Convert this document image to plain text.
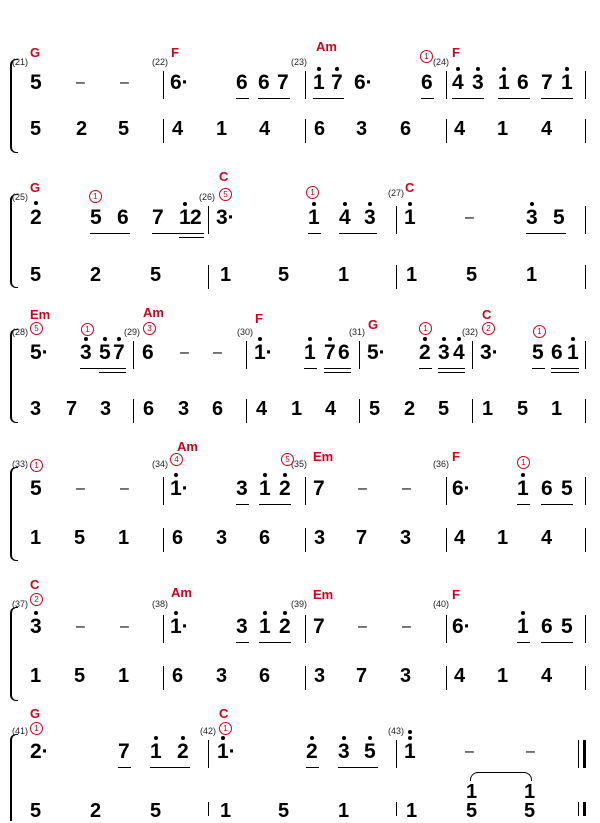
(21)	(22)	(23)	(24)
G	F	Am	F
1
5 – – 6· 6 6 7 1 7 6· 6 4 3 1 6 7 1
5 2 5 4 1 4 6 3 6 4 1 4
(25)	(26)	(27)
G
C
C
1	5	1
2 5 6 7 1 2 3·	1 4 3 1	– 3 5
5 2 5	1 5 1	1 5 1
(28)	(29)	(30)	(31)	(32)
Em	Am	F	G
C
5	1	3	1	2	1
5· 3 5 7 6 – – 1· 1 7 6 5· 2 3 4 3· 5 6 1
3 7 3 6 3 6 4 1 4 5 2 5 1 5 1
(33)	(34)	(35)	(36)
Am
Em	F
1
4	5	1
5 – – 1· 3 1 2 7 – – 6· 1 6 5
1 5 1 6 3 6 3 7 3 4 1 4
(37)	(38)	(39)	(40)
C
Am	Em	F
2
3 – – 1· 3 1 2 7 – – 6· 1 6 5
1 5 1 6 3 6 3 7 3 4 1 4
(41)	(42)	(43)
G	C
1	1
2·	7 1 2 1·	2 3 5 1	–	–
1 1
5 2 5	1 5 1	1 5 5
